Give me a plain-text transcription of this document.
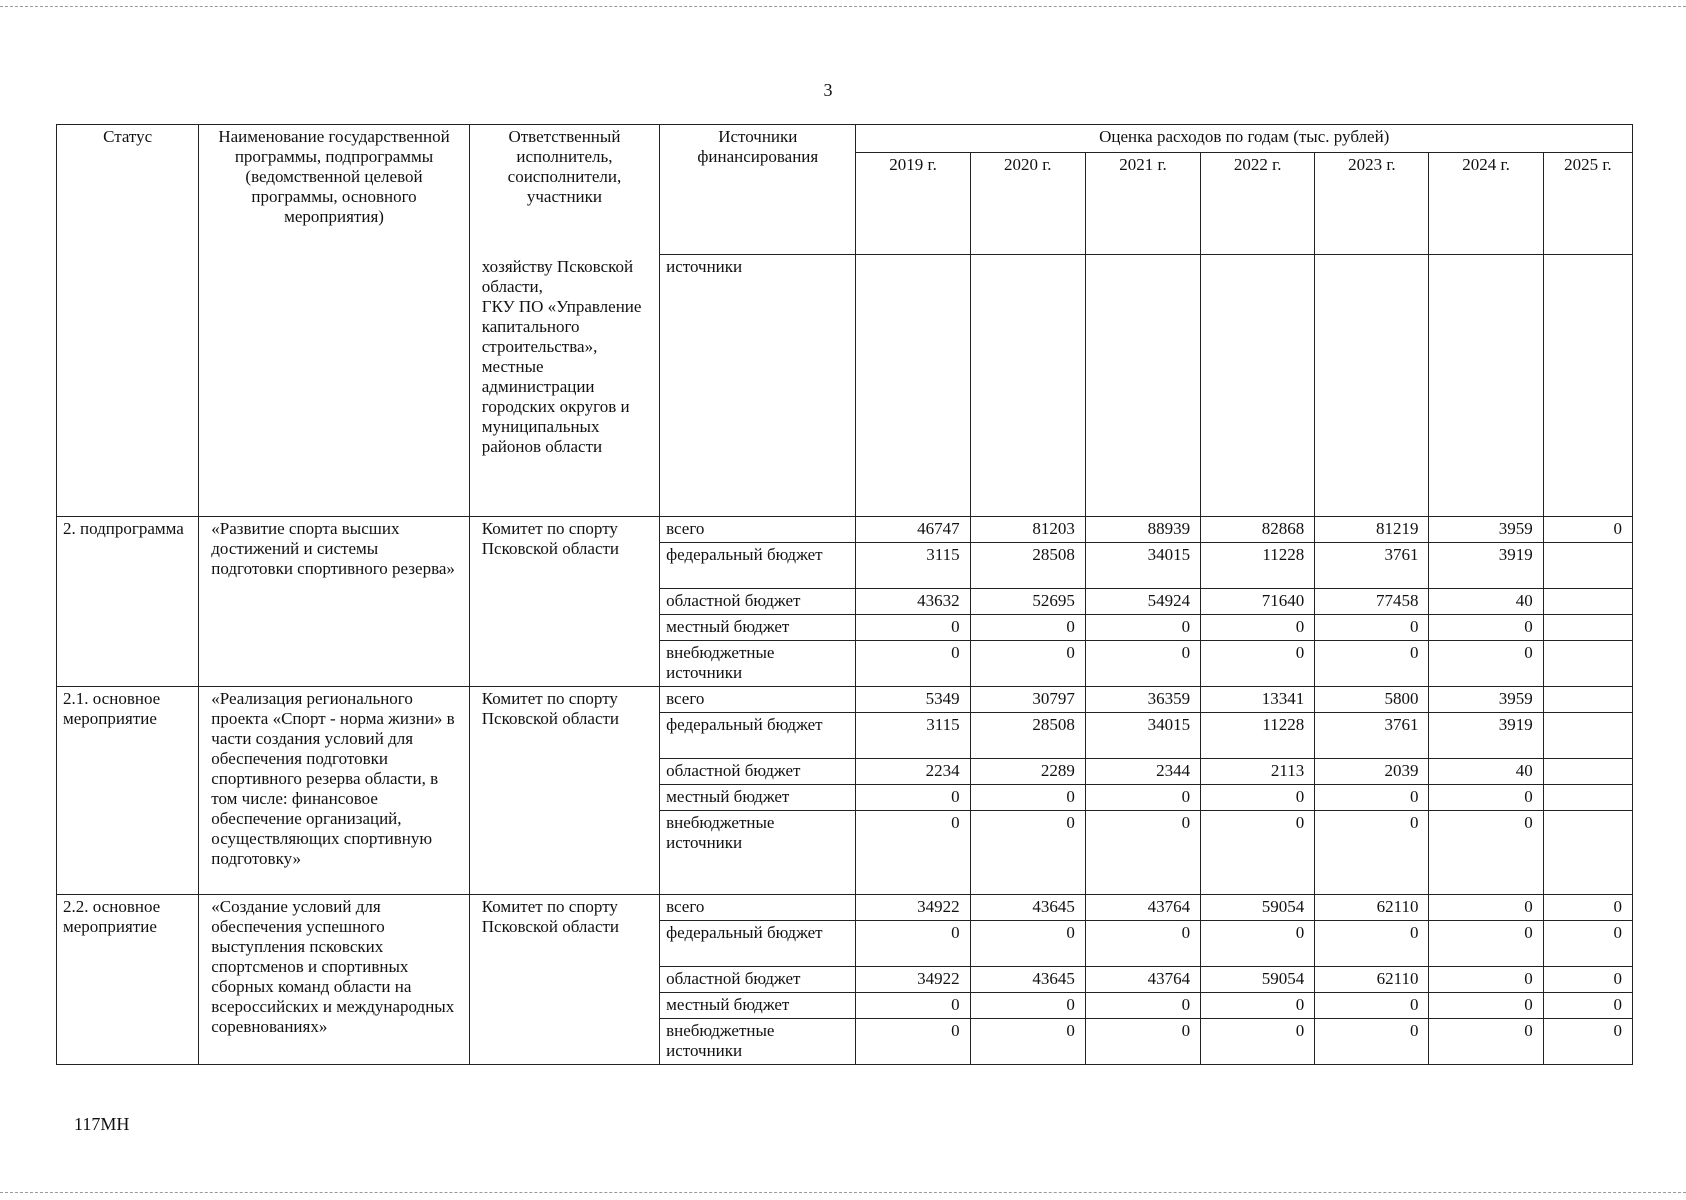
3
Статус	Наименование государственной программы, подпрограммы (ведомственной целевой программы, основного мероприятия)	Ответственный исполнитель, соисполнители, участники	Источники финансирования	Оценка расходов по годам (тыс. рублей)						
				2019 г.	2020 г.	2021 г.	2022 г.	2023 г.	2024 г.	2025 г.

		хозяйству Псковской области,
ГКУ ПО «Управление капитального строительства»,
местные администрации городских округов и муниципальных районов области	источники							
2. подпрограмма	«Развитие спорта высших достижений и системы подготовки спортивного резерва»	Комитет по спорту Псковской области	всего	46747	81203	88939	82868	81219	3959	0
			федеральный бюджет	3115	28508	34015	11228	3761	3919	
			областной бюджет	43632	52695	54924	71640	77458	40	
			местный бюджет	0	0	0	0	0	0	
			внебюджетные источники	0	0	0	0	0	0	
2.1. основное мероприятие	«Реализация регионального проекта «Спорт - норма жизни» в части создания условий для обеспечения подготовки спортивного резерва области, в том числе: финансовое обеспечение организаций, осуществляющих спортивную подготовку»	Комитет по спорту Псковской области	всего	5349	30797	36359	13341	5800	3959	
			федеральный бюджет	3115	28508	34015	11228	3761	3919	
			областной бюджет	2234	2289	2344	2113	2039	40	
			местный бюджет	0	0	0	0	0	0	
			внебюджетные источники	0	0	0	0	0	0	
2.2. основное мероприятие	«Создание условий для обеспечения успешного выступления псковских спортсменов и спортивных сборных команд области на всероссийских и международных соревнованиях»	Комитет по спорту Псковской области	всего	34922	43645	43764	59054	62110	0	0
			федеральный бюджет	0	0	0	0	0	0	0
			областной бюджет	34922	43645	43764	59054	62110	0	0
			местный бюджет	0	0	0	0	0	0	0
			внебюджетные источники	0	0	0	0	0	0	0
117МН
